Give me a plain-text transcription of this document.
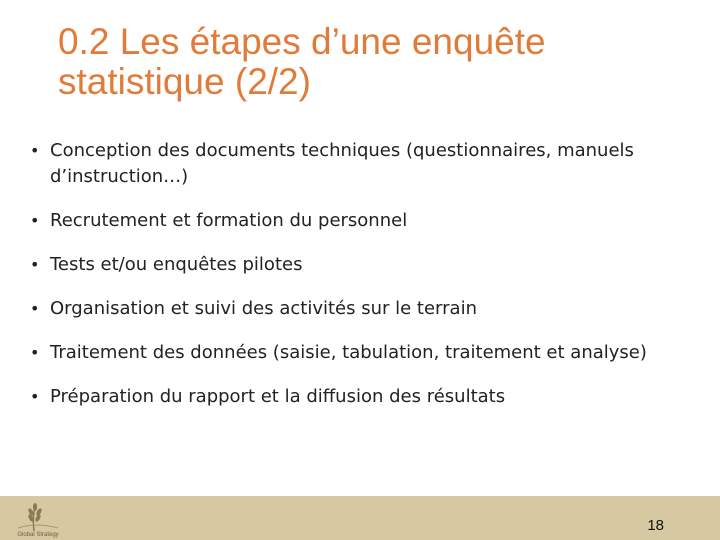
0.2 Les étapes d’une enquête statistique (2/2)
• Conception des documents techniques (questionnaires, manuels d’instruction…)
• Recrutement et formation du personnel
• Tests et/ou enquêtes pilotes
• Organisation et suivi des activités sur le terrain
• Traitement des données (saisie, tabulation, traitement et analyse)
• Préparation du rapport et la diffusion des résultats
Global Strategy
18
